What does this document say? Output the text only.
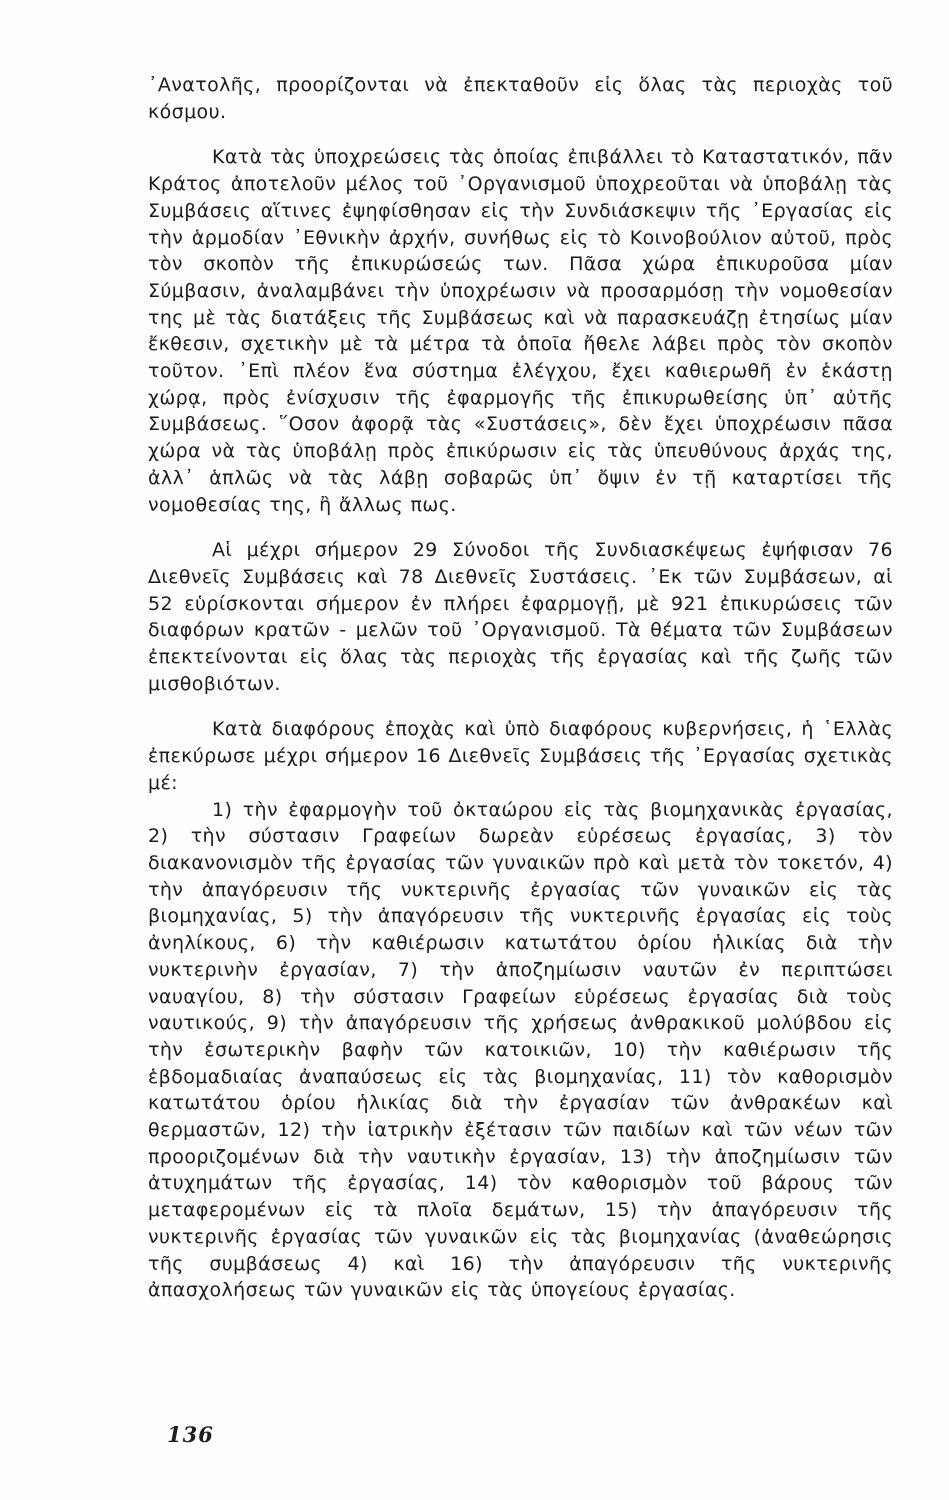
᾿Ανατολῆς, προορίζονται νὰ ἐπεκταθοῦν εἰς ὅλας τὰς περιοχὰς τοῦ κόσμου.

Κατὰ τὰς ὑποχρεώσεις τὰς ὁποίας ἐπιβάλλει τὸ Καταστατικόν, πᾶν Κράτος ἀποτελοῦν μέλος τοῦ ᾿Οργανισμοῦ ὑποχρεοῦται νὰ ὑποβάλῃ τὰς Συμβάσεις αἵτινες ἐψηφίσθησαν εἰς τὴν Συνδιάσκεψιν τῆς ᾿Εργασίας εἰς τὴν ἁρμοδίαν ᾿Εθνικὴν ἀρχήν, συνήθως εἰς τὸ Κοινοβούλιον αὐτοῦ, πρὸς τὸν σκοπὸν τῆς ἐπικυρώσεώς των. Πᾶσα χώρα ἐπικυροῦσα μίαν Σύμβασιν, ἀναλαμβάνει τὴν ὑποχρέωσιν νὰ προσαρμόσῃ τὴν νομοθεσίαν της μὲ τὰς διατάξεις τῆς Συμβάσεως καὶ νὰ παρασκευάζῃ ἐτησίως μίαν ἔκθεσιν, σχετικὴν μὲ τὰ μέτρα τὰ ὁποῖα ἤθελε λάβει πρὸς τὸν σκοπὸν τοῦτον. ᾿Επὶ πλέον ἕνα σύστημα ἐλέγχου, ἔχει καθιερωθῆ ἐν ἑκάστῃ χώρᾳ, πρὸς ἐνίσχυσιν τῆς ἐφαρμογῆς τῆς ἐπικυρωθείσης ὑπ᾿ αὐτῆς Συμβάσεως. ῞Οσον ἀφορᾷ τὰς «Συστάσεις», δὲν ἔχει ὑποχρέωσιν πᾶσα χώρα νὰ τὰς ὑποβάλῃ πρὸς ἐπικύρωσιν εἰς τὰς ὑπευθύνους ἀρχάς της, ἀλλ᾿ ἁπλῶς νὰ τὰς λάβῃ σοβαρῶς ὑπ᾿ ὄψιν ἐν τῇ καταρτίσει τῆς νομοθεσίας της, ἢ ἄλλως πως.

Αἱ μέχρι σήμερον 29 Σύνοδοι τῆς Συνδιασκέψεως ἐψήφισαν 76 Διεθνεῖς Συμβάσεις καὶ 78 Διεθνεῖς Συστάσεις. ᾿Εκ τῶν Συμβάσεων, αἱ 52 εὑρίσκονται σήμερον ἐν πλήρει ἐφαρμογῇ, μὲ 921 ἐπικυρώσεις τῶν διαφόρων κρατῶν - μελῶν τοῦ ᾿Οργανισμοῦ. Τὰ θέματα τῶν Συμβάσεων ἐπεκτείνονται εἰς ὅλας τὰς περιοχὰς τῆς ἐργασίας καὶ τῆς ζωῆς τῶν μισθοβιότων.

Κατὰ διαφόρους ἐποχὰς καὶ ὑπὸ διαφόρους κυβερνήσεις, ἡ ῾Ελλὰς ἐπεκύρωσε μέχρι σήμερον 16 Διεθνεῖς Συμβάσεις τῆς ᾿Εργασίας σχετικὰς μέ:

1) τὴν ἐφαρμογὴν τοῦ ὀκταώρου εἰς τὰς βιομηχανικὰς ἐργασίας, 2) τὴν σύστασιν Γραφείων δωρεὰν εὑρέσεως ἐργασίας, 3) τὸν διακανονισμὸν τῆς ἐργασίας τῶν γυναικῶν πρὸ καὶ μετὰ τὸν τοκετόν, 4) τὴν ἀπαγόρευσιν τῆς νυκτερινῆς ἐργασίας τῶν γυναικῶν εἰς τὰς βιομηχανίας, 5) τὴν ἀπαγόρευσιν τῆς νυκτερινῆς ἐργασίας εἰς τοὺς ἀνηλίκους, 6) τὴν καθιέρωσιν κατωτάτου ὁρίου ἡλικίας διὰ τὴν νυκτερινὴν ἐργασίαν, 7) τὴν ἀποζημίωσιν ναυτῶν ἐν περιπτώσει ναυαγίου, 8) τὴν σύστασιν Γραφείων εὑρέσεως ἐργασίας διὰ τοὺς ναυτικούς, 9) τὴν ἀπαγόρευσιν τῆς χρήσεως ἀνθρακικοῦ μολύβδου εἰς τὴν ἐσωτερικὴν βαφὴν τῶν κατοικιῶν, 10) τὴν καθιέρωσιν τῆς ἑβδομαδιαίας ἀναπαύσεως εἰς τὰς βιομηχανίας, 11) τὸν καθορισμὸν κατωτάτου ὁρίου ἡλικίας διὰ τὴν ἐργασίαν τῶν ἀνθρακέων καὶ θερμαστῶν, 12) τὴν ἰατρικὴν ἐξέτασιν τῶν παιδίων καὶ τῶν νέων τῶν προοριζομένων διὰ τὴν ναυτικὴν ἐργασίαν, 13) τὴν ἀποζημίωσιν τῶν ἀτυχημάτων τῆς ἐργασίας, 14) τὸν καθορισμὸν τοῦ βάρους τῶν μεταφερομένων εἰς τὰ πλοῖα δεμάτων, 15) τὴν ἀπαγόρευσιν τῆς νυκτερινῆς ἐργασίας τῶν γυναικῶν εἰς τὰς βιομηχανίας (ἀναθεώρησις τῆς συμβάσεως 4) καὶ 16) τὴν ἀπαγόρευσιν τῆς νυκτερινῆς ἀπασχολήσεως τῶν γυναικῶν εἰς τὰς ὑπογείους ἐργασίας.

136
